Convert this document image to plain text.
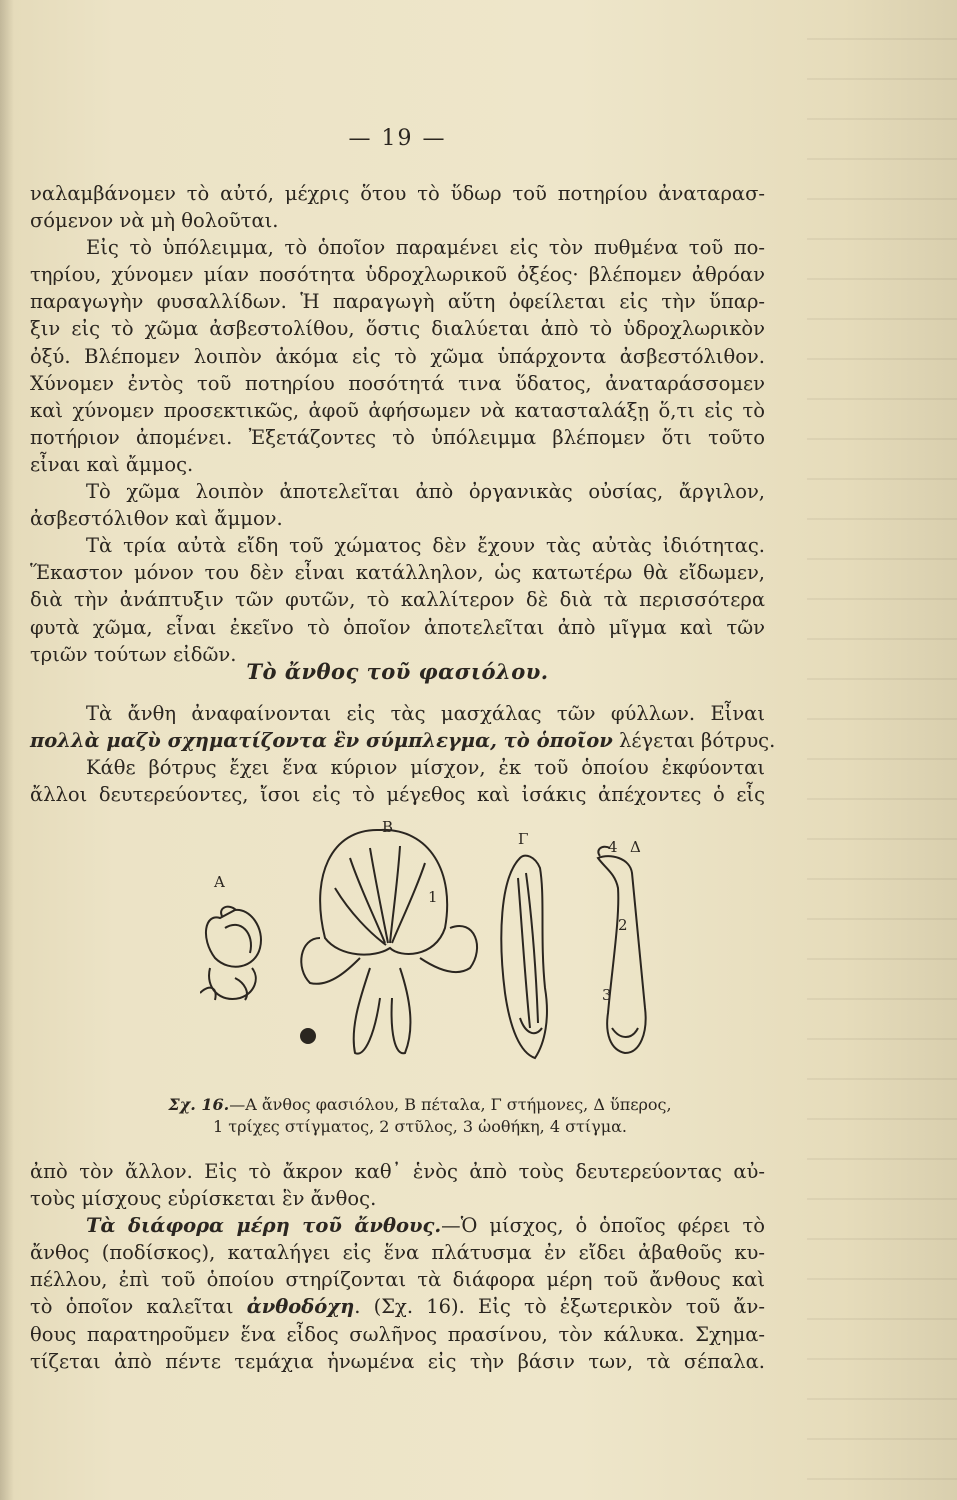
— 19 —
ναλαμβάνομεν τὸ αὐτό, μέχρις ὅτου τὸ ὕδωρ τοῦ ποτηρίου ἀναταρασ-
σόμενον νὰ μὴ θολοῦται.
Εἰς τὸ ὑπόλειμμα, τὸ ὁποῖον παραμένει εἰς τὸν πυθμένα τοῦ πο-
τηρίου, χύνομεν μίαν ποσότητα ὑδροχλωρικοῦ ὀξέος· βλέπομεν ἀθρόαν
παραγωγὴν φυσαλλίδων. Ἡ παραγωγὴ αὕτη ὀφείλεται εἰς τὴν ὕπαρ-
ξιν εἰς τὸ χῶμα ἀσβεστολίθου, ὅστις διαλύεται ἀπὸ τὸ ὑδροχλωρικὸν
ὀξύ. Βλέπομεν λοιπὸν ἀκόμα εἰς τὸ χῶμα ὑπάρχοντα ἀσβεστόλιθον.
Χύνομεν ἐντὸς τοῦ ποτηρίου ποσότητά τινα ὕδατος, ἀναταράσσομεν
καὶ χύνομεν προσεκτικῶς, ἀφοῦ ἀφήσωμεν νὰ κατασταλάξῃ ὅ,τι εἰς τὸ
ποτήριον ἀπομένει. Ἐξετάζοντες τὸ ὑπόλειμμα βλέπομεν ὅτι τοῦτο
εἶναι καὶ ἄμμος.
Τὸ χῶμα λοιπὸν ἀποτελεῖται ἀπὸ ὀργανικὰς οὐσίας, ἄργιλον,
ἀσβεστόλιθον καὶ ἄμμον.
Τὰ τρία αὐτὰ εἴδη τοῦ χώματος δὲν ἔχουν τὰς αὐτὰς ἰδιότητας.
Ἕκαστον μόνον του δὲν εἶναι κατάλληλον, ὡς κατωτέρω θὰ εἴδωμεν,
διὰ τὴν ἀνάπτυξιν τῶν φυτῶν, τὸ καλλίτερον δὲ διὰ τὰ περισσότερα
φυτὰ χῶμα, εἶναι ἐκεῖνο τὸ ὁποῖον ἀποτελεῖται ἀπὸ μῖγμα καὶ τῶν
τριῶν τούτων εἰδῶν.
Τὸ ἄνθος τοῦ φασιόλου.
Τὰ ἄνθη ἀναφαίνονται εἰς τὰς μασχάλας τῶν φύλλων. Εἶναι
πολλὰ μαζὺ σχηματίζοντα ἓν σύμπλεγμα, τὸ ὁποῖον λέγεται βότρυς.
Κάθε βότρυς ἔχει ἕνα κύριον μίσχον, ἐκ τοῦ ὁποίου ἐκφύονται
ἄλλοι δευτερεύοντες, ἴσοι εἰς τὸ μέγεθος καὶ ἰσάκις ἀπέχοντες ὁ εἷς
Α
Β
Γ	Δ
4
2
3
1
Σχ. 16.—Α ἄνθος φασιόλου, Β πέταλα, Γ στήμονες, Δ ὕπερος,
1 τρίχες στίγματος, 2 στῦλος, 3 ὠοθήκη, 4 στίγμα.
ἀπὸ τὸν ἄλλον. Εἰς τὸ ἄκρον καθ᾽ ἑνὸς ἀπὸ τοὺς δευτερεύοντας αὐ-
τοὺς μίσχους εὑρίσκεται ἓν ἄνθος.
Τὰ διάφορα μέρη τοῦ ἄνθους.—Ὁ μίσχος, ὁ ὁποῖος φέρει τὸ
ἄνθος (ποδίσκος), καταλήγει εἰς ἕνα πλάτυσμα ἐν εἴδει ἀβαθοῦς κυ-
πέλλου, ἐπὶ τοῦ ὁποίου στηρίζονται τὰ διάφορα μέρη τοῦ ἄνθους καὶ
τὸ ὁποῖον καλεῖται ἀνθοδόχη. (Σχ. 16). Εἰς τὸ ἐξωτερικὸν τοῦ ἄν-
θους παρατηροῦμεν ἕνα εἶδος σωλῆνος πρασίνου, τὸν κάλυκα. Σχημα-
τίζεται ἀπὸ πέντε τεμάχια ἡνωμένα εἰς τὴν βάσιν των, τὰ σέπαλα.
